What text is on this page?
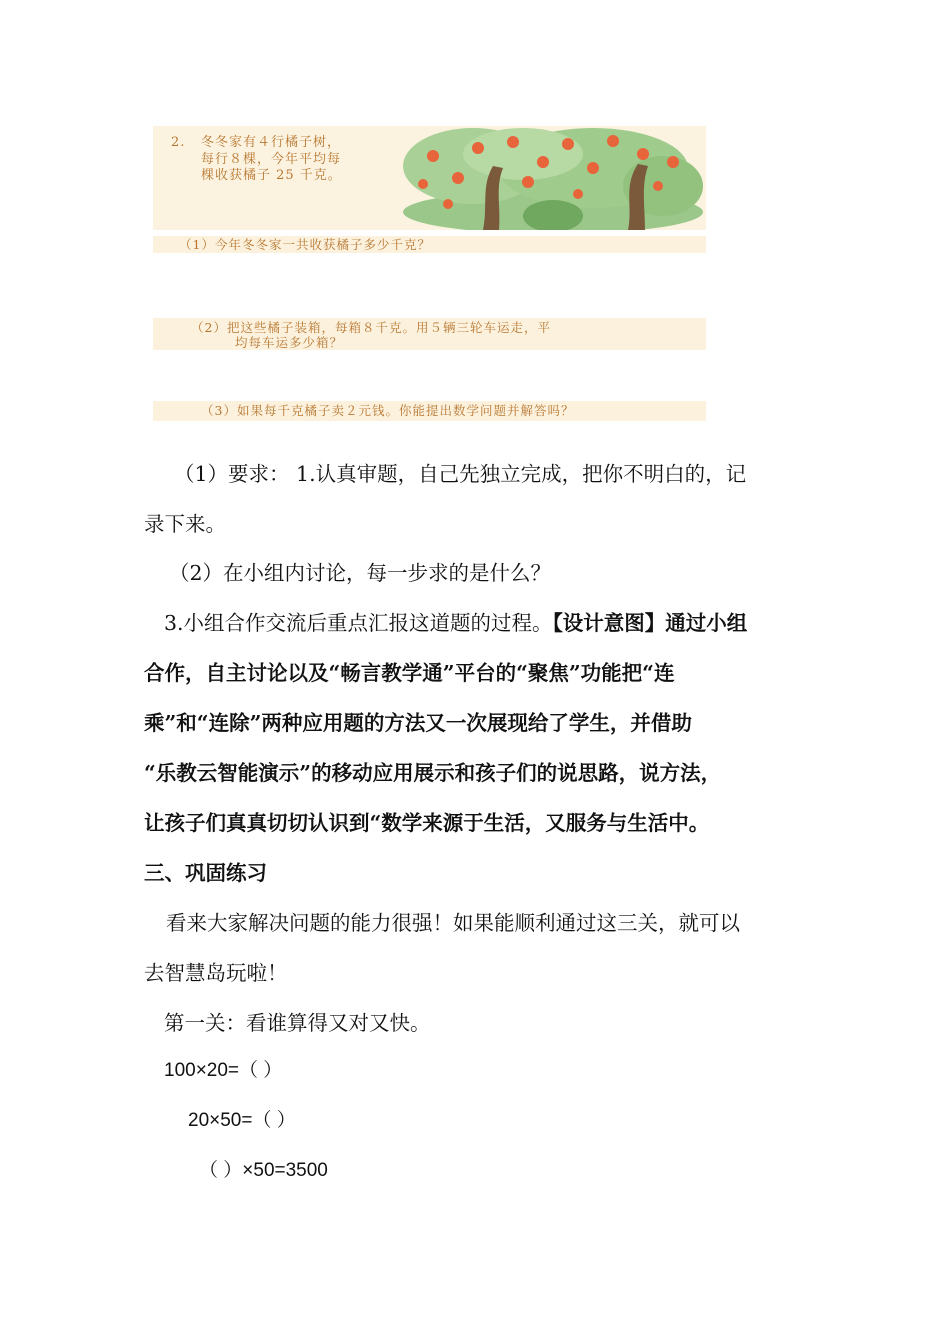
2. 冬冬家有４行橘子树，
每行８棵，今年平均每
棵收获橘子 25 千克。
（1）今年冬冬家一共收获橘子多少千克？
（2）把这些橘子装箱，每箱８千克。用５辆三轮车运走，平
均每车运多少箱？
（3）如果每千克橘子卖２元钱。你能提出数学问题并解答吗？
（1）要求： 1.认真审题，自己先独立完成，把你不明白的，记
录下来。
（2）在小组内讨论，每一步求的是什么？
3.小组合作交流后重点汇报这道题的过程。【设计意图】通过小组
合作，自主讨论以及“畅言教学通”平台的“聚焦”功能把“连
乘”和“连除”两种应用题的方法又一次展现给了学生，并借助
“乐教云智能演示”的移动应用展示和孩子们的说思路，说方法，
让孩子们真真切切认识到“数学来源于生活，又服务与生活中。
三、巩固练习
看来大家解决问题的能力很强！如果能顺利通过这三关，就可以
去智慧岛玩啦！
第一关：看谁算得又对又快。
100×20=（ ）
20×50=（ ）
（ ）×50=3500
